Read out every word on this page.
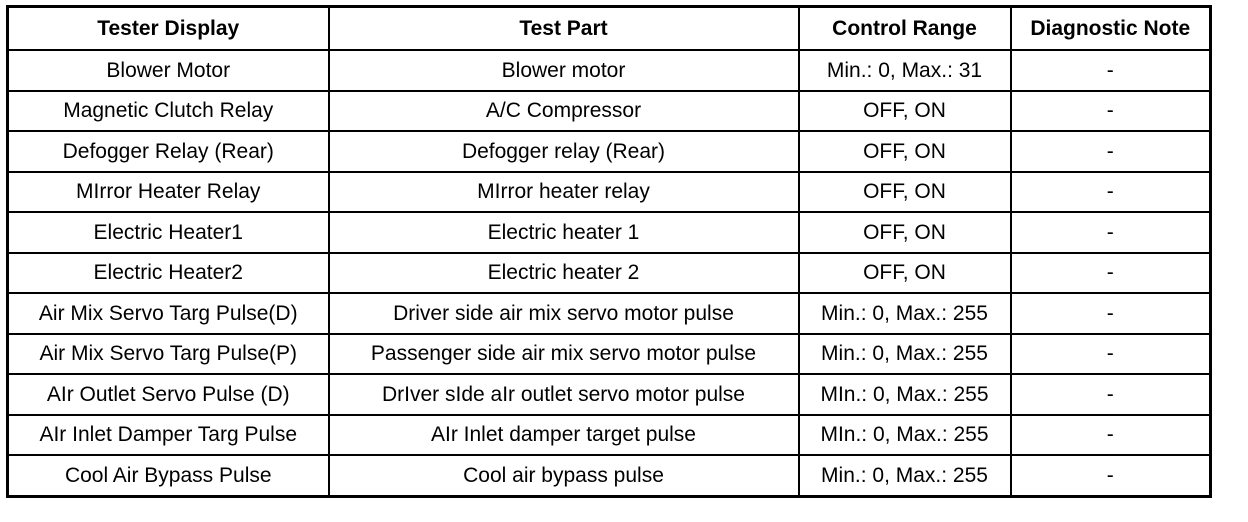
Tester Display	Test Part	Control Range	Diagnostic Note
Blower Motor	Blower motor	Min.: 0, Max.: 31	-
Magnetic Clutch Relay	A/C Compressor	OFF, ON	-
Defogger Relay (Rear)	Defogger relay (Rear)	OFF, ON	-
MIrror Heater Relay	MIrror heater relay	OFF, ON	-
Electric Heater1	Electric heater 1	OFF, ON	-
Electric Heater2	Electric heater 2	OFF, ON	-
Air Mix Servo Targ Pulse(D)	Driver side air mix servo motor pulse	Min.: 0, Max.: 255	-
Air Mix Servo Targ Pulse(P)	Passenger side air mix servo motor pulse	Min.: 0, Max.: 255	-
AIr Outlet Servo Pulse (D)	DrIver sIde aIr outlet servo motor pulse	MIn.: 0, Max.: 255	-
AIr Inlet Damper Targ Pulse	AIr Inlet damper target pulse	MIn.: 0, Max.: 255	-
Cool Air Bypass Pulse	Cool air bypass pulse	Min.: 0, Max.: 255	-
